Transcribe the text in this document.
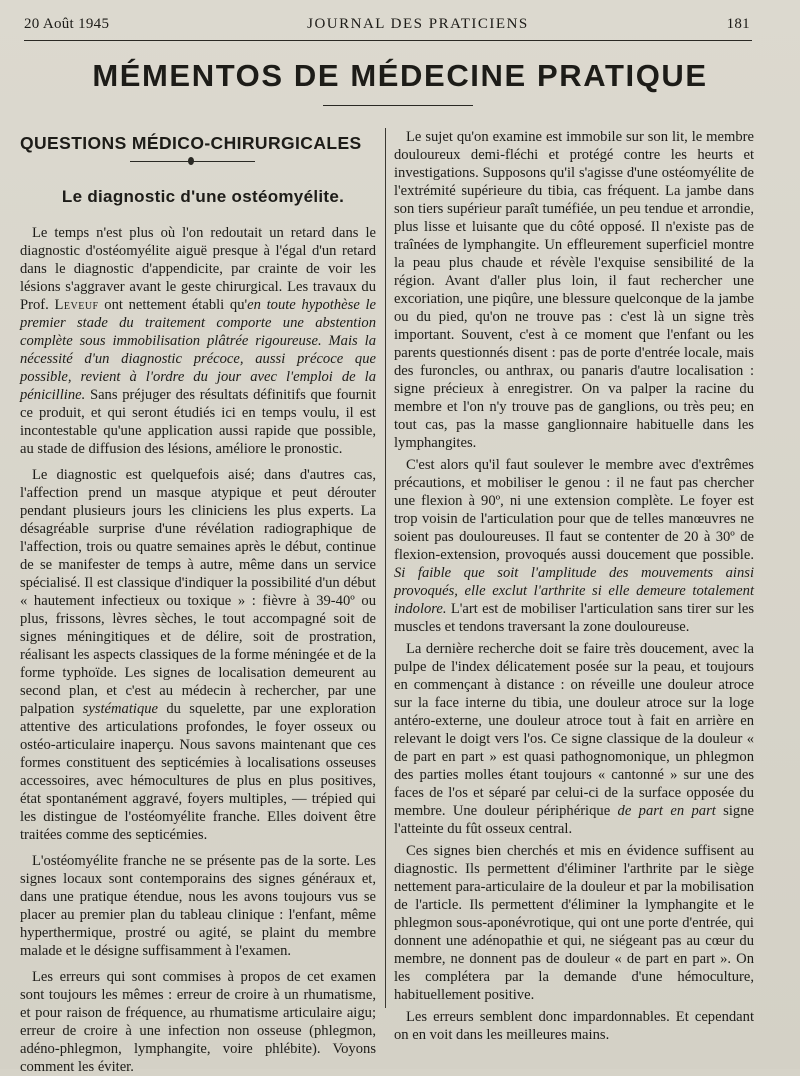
20 Août 1945	JOURNAL DES PRATICIENS	181
MÉMENTOS DE MÉDECINE PRATIQUE
QUESTIONS MÉDICO-CHIRURGICALES
Le diagnostic d'une ostéomyélite.

Le temps n'est plus où l'on redoutait un retard dans le diagnostic d'ostéomyélite aiguë presque à l'égal d'un retard dans le diagnostic d'appendicite, par crainte de voir les lésions s'aggraver avant le geste chirurgical. Les travaux du Prof. Leveuf ont nettement établi qu'en toute hypothèse le premier stade du traitement comporte une abstention complète sous immobilisation plâtrée rigoureuse. Mais la nécessité d'un diagnostic précoce, aussi précoce que possible, revient à l'ordre du jour avec l'emploi de la pénicilline. Sans préjuger des résultats définitifs que fournit ce produit, et qui seront étudiés ici en temps voulu, il est incontestable qu'une application aussi rapide que possible, au stade de diffusion des lésions, améliore le pronostic.

Le diagnostic est quelquefois aisé; dans d'autres cas, l'affection prend un masque atypique et peut dérouter pendant plusieurs jours les cliniciens les plus experts. La désagréable surprise d'une révélation radiographique de l'affection, trois ou quatre semaines après le début, continue de se manifester de temps à autre, même dans un service spécialisé. Il est classique d'indiquer la possibilité d'un début « hautement infectieux ou toxique » : fièvre à 39-40º ou plus, frissons, lèvres sèches, le tout accompagné soit de signes méningitiques et de délire, soit de prostration, réalisant les aspects classiques de la forme méningée et de la forme typhoïde. Les signes de localisation demeurent au second plan, et c'est au médecin à rechercher, par une palpation systématique du squelette, par une exploration attentive des articulations profondes, le foyer osseux ou ostéo-articulaire inaperçu. Nous savons maintenant que ces formes constituent des septicémies à localisations osseuses accessoires, avec hémocultures de plus en plus positives, état spontanément aggravé, foyers multiples, — trépied qui les distingue de l'ostéomyélite franche. Elles doivent être traitées comme des septicémies.

L'ostéomyélite franche ne se présente pas de la sorte. Les signes locaux sont contemporains des signes généraux et, dans une pratique étendue, nous les avons toujours vus se placer au premier plan du tableau clinique : l'enfant, même hyperthermique, prostré ou agité, se plaint du membre malade et le désigne suffisamment à l'examen.

Les erreurs qui sont commises à propos de cet examen sont toujours les mêmes : erreur de croire à un rhumatisme, et pour raison de fréquence, au rhumatisme articulaire aigu; erreur de croire à une infection non osseuse (phlegmon, adéno-phlegmon, lymphangite, voire phlébite). Voyons comment les éviter.

Le sujet qu'on examine est immobile sur son lit, le membre douloureux demi-fléchi et protégé contre les heurts et investigations. Supposons qu'il s'agisse d'une ostéomyélite de l'extrémité supérieure du tibia, cas fréquent. La jambe dans son tiers supérieur paraît tuméfiée, un peu tendue et arrondie, plus lisse et luisante que du côté opposé. Il n'existe pas de traînées de lymphangite. Un effleurement superficiel montre la peau plus chaude et révèle l'exquise sensibilité de la région. Avant d'aller plus loin, il faut rechercher une excoriation, une piqûre, une blessure quelconque de la jambe ou du pied, qu'on ne trouve pas : c'est là un signe très important. Souvent, c'est à ce moment que l'enfant ou les parents questionnés disent : pas de porte d'entrée locale, mais des furoncles, ou anthrax, ou panaris d'autre localisation : signe précieux à enregistrer. On va palper la racine du membre et l'on n'y trouve pas de ganglions, ou très peu; en tout cas, pas la masse ganglionnaire habituelle dans les lymphangites.

C'est alors qu'il faut soulever le membre avec d'extrêmes précautions, et mobiliser le genou : il ne faut pas chercher une flexion à 90º, ni une extension complète. Le foyer est trop voisin de l'articulation pour que de telles manœuvres ne soient pas douloureuses. Il faut se contenter de 20 à 30º de flexion-extension, provoqués aussi doucement que possible. Si faible que soit l'amplitude des mouvements ainsi provoqués, elle exclut l'arthrite si elle demeure totalement indolore. L'art est de mobiliser l'articulation sans tirer sur les muscles et tendons traversant la zone douloureuse.

La dernière recherche doit se faire très doucement, avec la pulpe de l'index délicatement posée sur la peau, et toujours en commençant à distance : on réveille une douleur atroce sur la face interne du tibia, une douleur atroce sur la loge antéro-externe, une douleur atroce tout à fait en arrière en relevant le doigt vers l'os. Ce signe classique de la douleur « de part en part » est quasi pathognomonique, un phlegmon des parties molles étant toujours « cantonné » sur une des faces de l'os et séparé par celui-ci de la surface opposée du membre. Une douleur périphérique de part en part signe l'atteinte du fût osseux central.

Ces signes bien cherchés et mis en évidence suffisent au diagnostic. Ils permettent d'éliminer l'arthrite par le siège nettement para-articulaire de la douleur et par la mobilisation de l'article. Ils permettent d'éliminer la lymphangite et le phlegmon sous-aponévrotique, qui ont une porte d'entrée, qui donnent une adénopathie et qui, ne siégeant pas au cœur du membre, ne donnent pas de douleur « de part en part ». On les complétera par la demande d'une hémoculture, habituellement positive.

Les erreurs semblent donc impardonnables. Et cependant on en voit dans les meilleures mains.
